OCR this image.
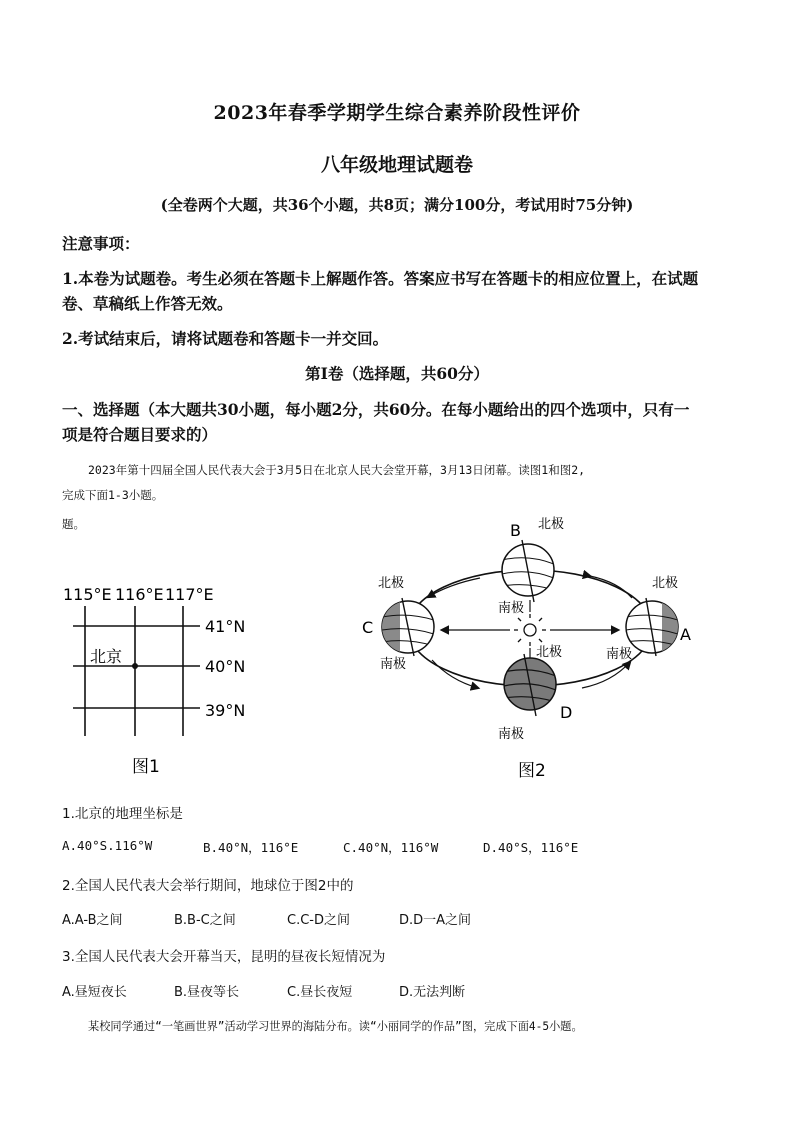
2023年春季学期学生综合素养阶段性评价
八年级地理试题卷
(全卷两个大题，共36个小题，共8页；满分100分，考试用时75分钟)
注意事项：
1.本卷为试题卷。考生必须在答题卡上解题作答。答案应书写在答题卡的相应位置上，在试题
卷、草稿纸上作答无效。
2.考试结束后，请将试题卷和答题卡一并交回。
第Ⅰ卷（选择题，共60分）
一、选择题（本大题共30小题，每小题2分，共60分。在每小题给出的四个选项中，只有一
项是符合题目要求的）
2023年第十四届全国人民代表大会于3月5日在北京人民大会堂开幕，3月13日闭幕。读图1和图2,
完成下面1-3小题。
题。
115°E 116°E 117°E
41°N
40°N
39°N
北京
图1
B 北极
南极
北极
C
南极
北极
A
南极
北极
D
南极
图2
1.北京的地理坐标是
A.40°S.116°W	B.40°N，116°E	C.40°N，116°W	D.40°S，116°E
2.全国人民代表大会举行期间，地球位于图2中的
A.A-B之间	B.B-C之间	C.C-D之间	D.D一A之间
3.全国人民代表大会开幕当天，昆明的昼夜长短情况为
A.昼短夜长	B.昼夜等长	C.昼长夜短	D.无法判断
某校同学通过“一笔画世界”活动学习世界的海陆分布。读“小丽同学的作品”图，完成下面4-5小题。
